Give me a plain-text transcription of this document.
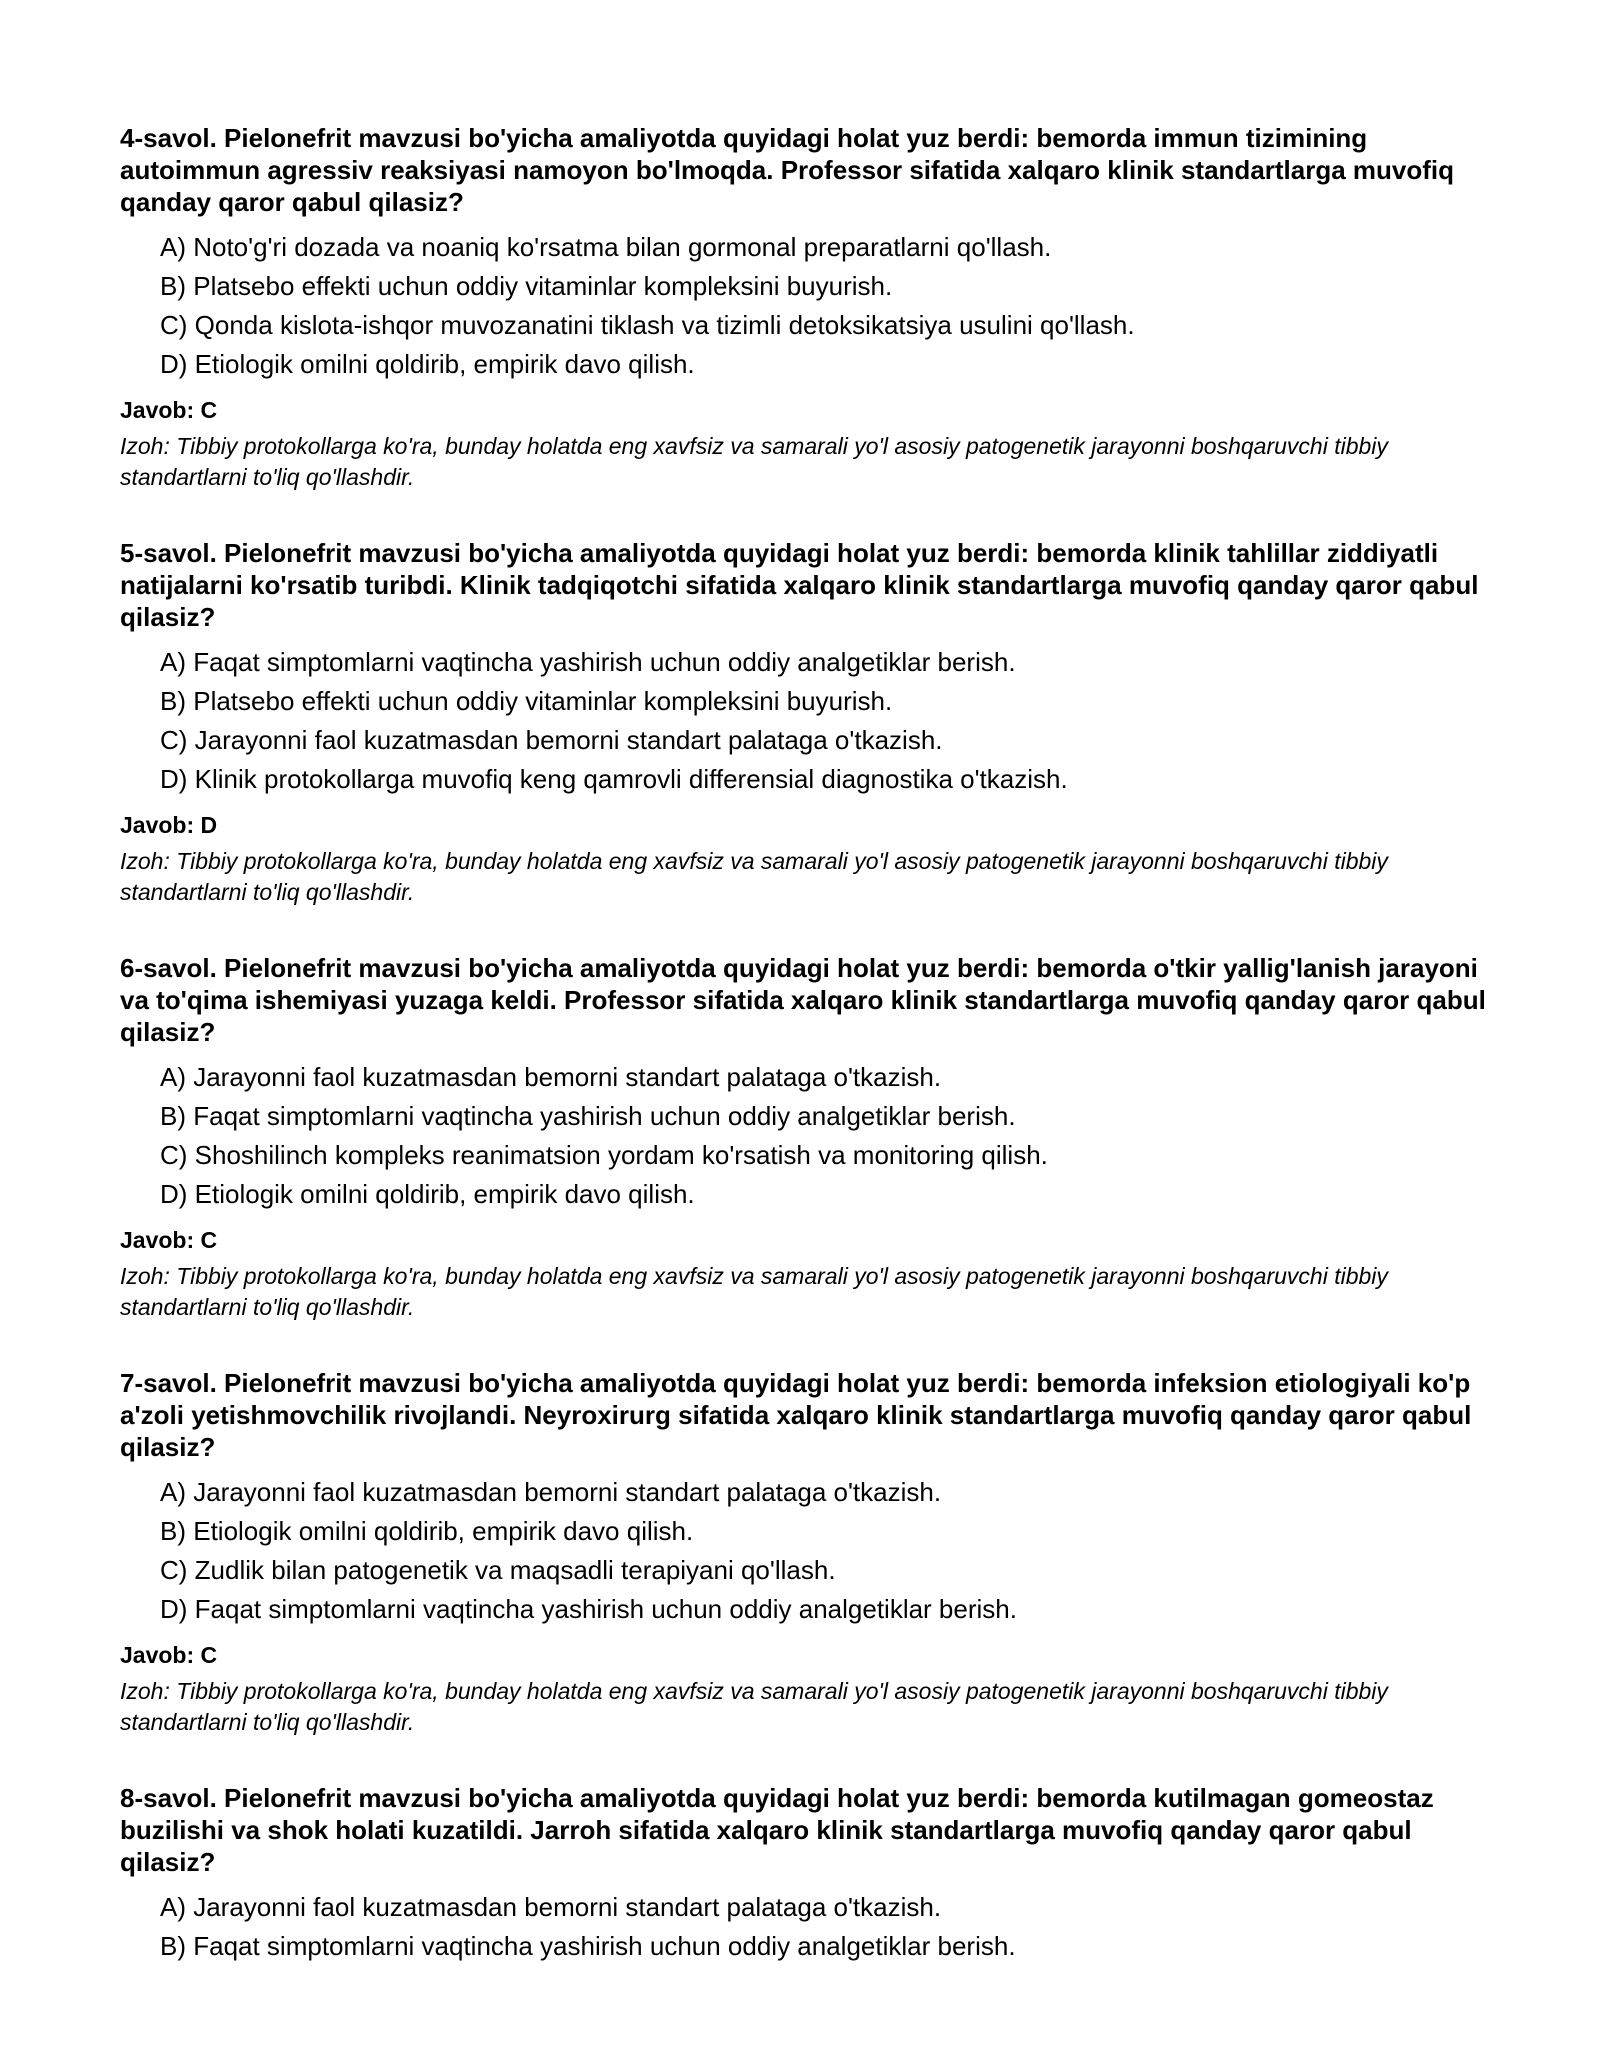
4-savol. Pielonefrit mavzusi bo'yicha amaliyotda quyidagi holat yuz berdi: bemorda immun tizimining autoimmun agressiv reaksiyasi namoyon bo'lmoqda. Professor sifatida xalqaro klinik standartlarga muvofiq qanday qaror qabul qilasiz?

A) Noto'g'ri dozada va noaniq ko'rsatma bilan gormonal preparatlarni qo'llash.
B) Platsebo effekti uchun oddiy vitaminlar kompleksini buyurish.
C) Qonda kislota-ishqor muvozanatini tiklash va tizimli detoksikatsiya usulini qo'llash.
D) Etiologik omilni qoldirib, empirik davo qilish.

Javob: C

Izoh: Tibbiy protokollarga ko'ra, bunday holatda eng xavfsiz va samarali yo'l asosiy patogenetik jarayonni boshqaruvchi tibbiy standartlarni to'liq qo'llashdir.

5-savol. Pielonefrit mavzusi bo'yicha amaliyotda quyidagi holat yuz berdi: bemorda klinik tahlillar ziddiyatli natijalarni ko'rsatib turibdi. Klinik tadqiqotchi sifatida xalqaro klinik standartlarga muvofiq qanday qaror qabul qilasiz?

A) Faqat simptomlarni vaqtincha yashirish uchun oddiy analgetiklar berish.
B) Platsebo effekti uchun oddiy vitaminlar kompleksini buyurish.
C) Jarayonni faol kuzatmasdan bemorni standart palataga o'tkazish.
D) Klinik protokollarga muvofiq keng qamrovli differensial diagnostika o'tkazish.

Javob: D

Izoh: Tibbiy protokollarga ko'ra, bunday holatda eng xavfsiz va samarali yo'l asosiy patogenetik jarayonni boshqaruvchi tibbiy standartlarni to'liq qo'llashdir.

6-savol. Pielonefrit mavzusi bo'yicha amaliyotda quyidagi holat yuz berdi: bemorda o'tkir yallig'lanish jarayoni va to'qima ishemiyasi yuzaga keldi. Professor sifatida xalqaro klinik standartlarga muvofiq qanday qaror qabul qilasiz?

A) Jarayonni faol kuzatmasdan bemorni standart palataga o'tkazish.
B) Faqat simptomlarni vaqtincha yashirish uchun oddiy analgetiklar berish.
C) Shoshilinch kompleks reanimatsion yordam ko'rsatish va monitoring qilish.
D) Etiologik omilni qoldirib, empirik davo qilish.

Javob: C

Izoh: Tibbiy protokollarga ko'ra, bunday holatda eng xavfsiz va samarali yo'l asosiy patogenetik jarayonni boshqaruvchi tibbiy standartlarni to'liq qo'llashdir.

7-savol. Pielonefrit mavzusi bo'yicha amaliyotda quyidagi holat yuz berdi: bemorda infeksion etiologiyali ko'p a'zoli yetishmovchilik rivojlandi. Neyroxirurg sifatida xalqaro klinik standartlarga muvofiq qanday qaror qabul qilasiz?

A) Jarayonni faol kuzatmasdan bemorni standart palataga o'tkazish.
B) Etiologik omilni qoldirib, empirik davo qilish.
C) Zudlik bilan patogenetik va maqsadli terapiyani qo'llash.
D) Faqat simptomlarni vaqtincha yashirish uchun oddiy analgetiklar berish.

Javob: C

Izoh: Tibbiy protokollarga ko'ra, bunday holatda eng xavfsiz va samarali yo'l asosiy patogenetik jarayonni boshqaruvchi tibbiy standartlarni to'liq qo'llashdir.

8-savol. Pielonefrit mavzusi bo'yicha amaliyotda quyidagi holat yuz berdi: bemorda kutilmagan gomeostaz buzilishi va shok holati kuzatildi. Jarroh sifatida xalqaro klinik standartlarga muvofiq qanday qaror qabul qilasiz?

A) Jarayonni faol kuzatmasdan bemorni standart palataga o'tkazish.
B) Faqat simptomlarni vaqtincha yashirish uchun oddiy analgetiklar berish.
